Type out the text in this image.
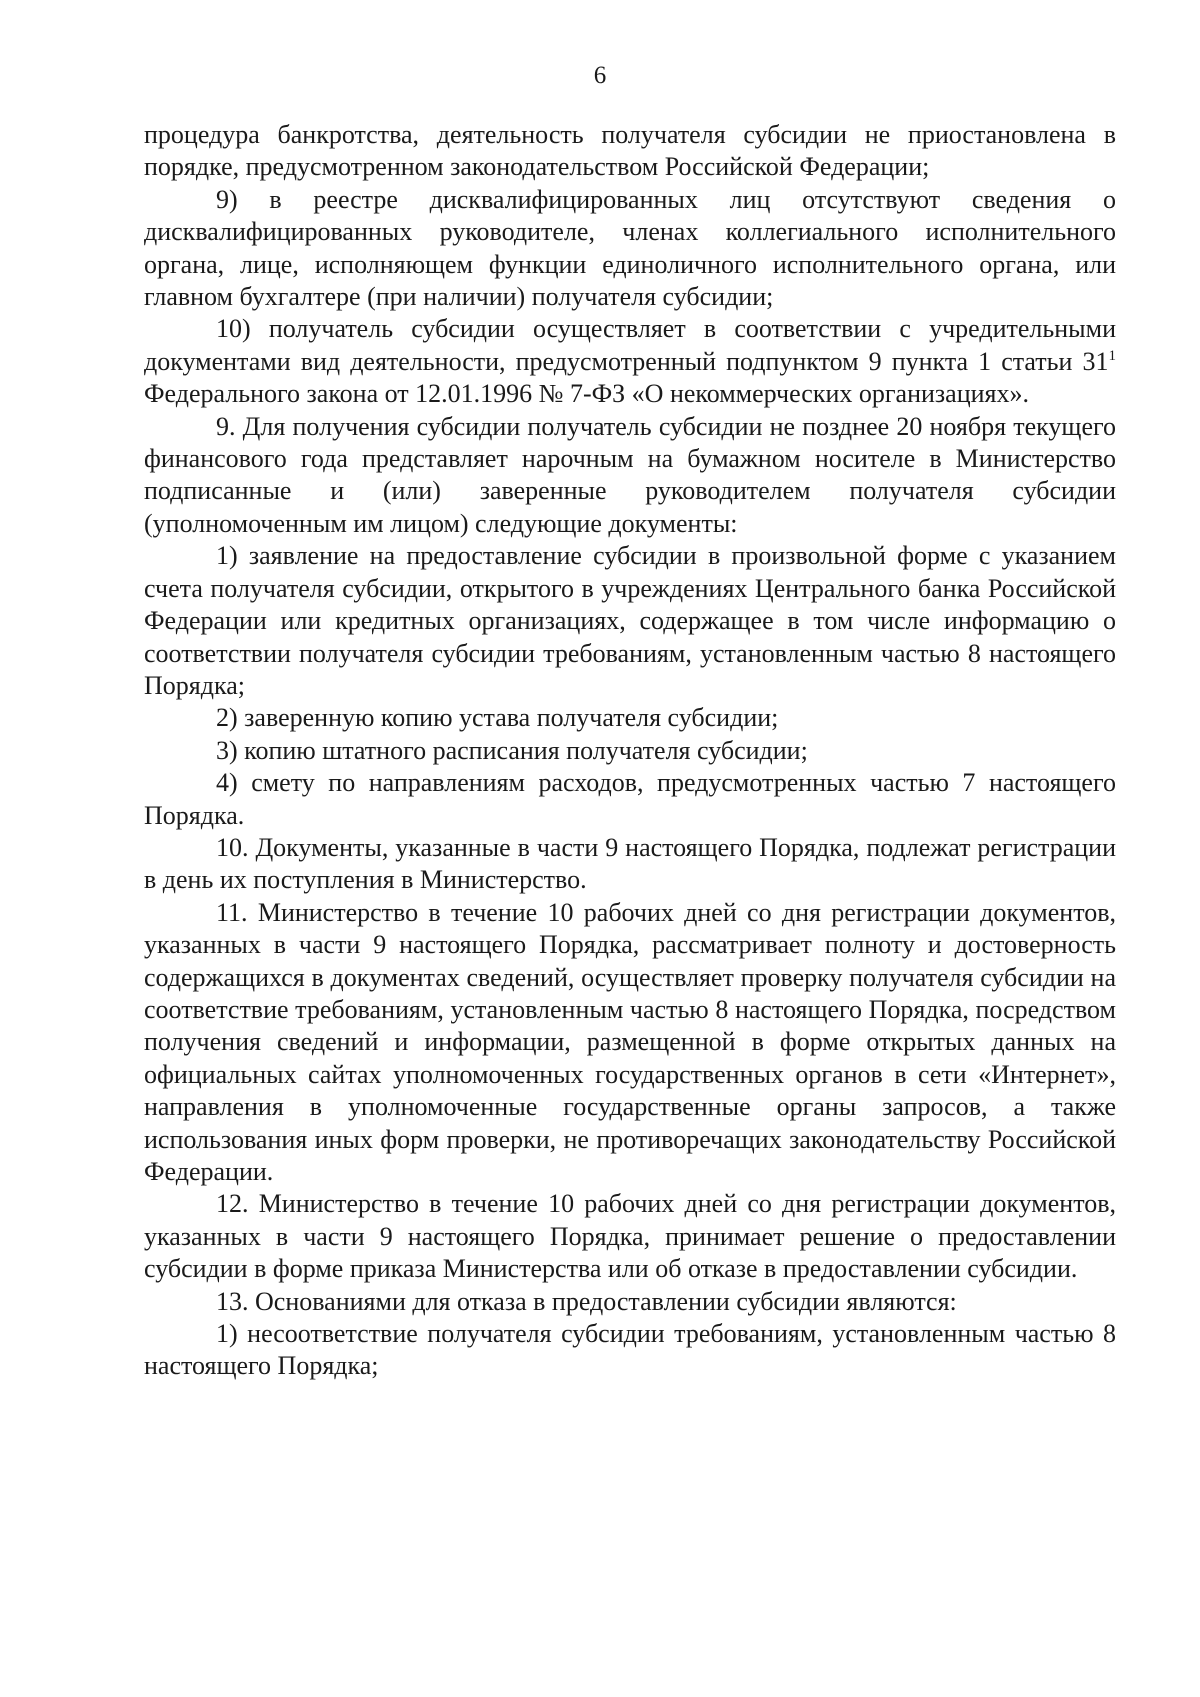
6

процедура банкротства, деятельность получателя субсидии не приостановлена в порядке, предусмотренном законодательством Российской Федерации;

9) в реестре дисквалифицированных лиц отсутствуют сведения о дисквалифицированных руководителе, членах коллегиального исполнительного органа, лице, исполняющем функции единоличного исполнительного органа, или главном бухгалтере (при наличии) получателя субсидии;

10) получатель субсидии осуществляет в соответствии с учредительными документами вид деятельности, предусмотренный подпунктом 9 пункта 1 статьи $31^1$ Федерального закона от 12.01.1996 № 7-ФЗ «О некоммерческих организациях».

9. Для получения субсидии получатель субсидии не позднее 20 ноября текущего финансового года представляет нарочным на бумажном носителе в Министерство подписанные и (или) заверенные руководителем получателя субсидии (уполномоченным им лицом) следующие документы:

1) заявление на предоставление субсидии в произвольной форме с указанием счета получателя субсидии, открытого в учреждениях Центрального банка Российской Федерации или кредитных организациях, содержащее в том числе информацию о соответствии получателя субсидии требованиям, установленным частью 8 настоящего Порядка;

2) заверенную копию устава получателя субсидии;

3) копию штатного расписания получателя субсидии;

4) смету по направлениям расходов, предусмотренных частью 7 настоящего Порядка.

10. Документы, указанные в части 9 настоящего Порядка, подлежат регистрации в день их поступления в Министерство.

11. Министерство в течение 10 рабочих дней со дня регистрации документов, указанных в части 9 настоящего Порядка, рассматривает полноту и достоверность содержащихся в документах сведений, осуществляет проверку получателя субсидии на соответствие требованиям, установленным частью 8 настоящего Порядка, посредством получения сведений и информации, размещенной в форме открытых данных на официальных сайтах уполномоченных государственных органов в сети «Интернет», направления в уполномоченные государственные органы запросов, а также использования иных форм проверки, не противоречащих законодательству Российской Федерации.

12. Министерство в течение 10 рабочих дней со дня регистрации документов, указанных в части 9 настоящего Порядка, принимает решение о предоставлении субсидии в форме приказа Министерства или об отказе в предоставлении субсидии.

13. Основаниями для отказа в предоставлении субсидии являются:

1) несоответствие получателя субсидии требованиям, установленным частью 8 настоящего Порядка;
